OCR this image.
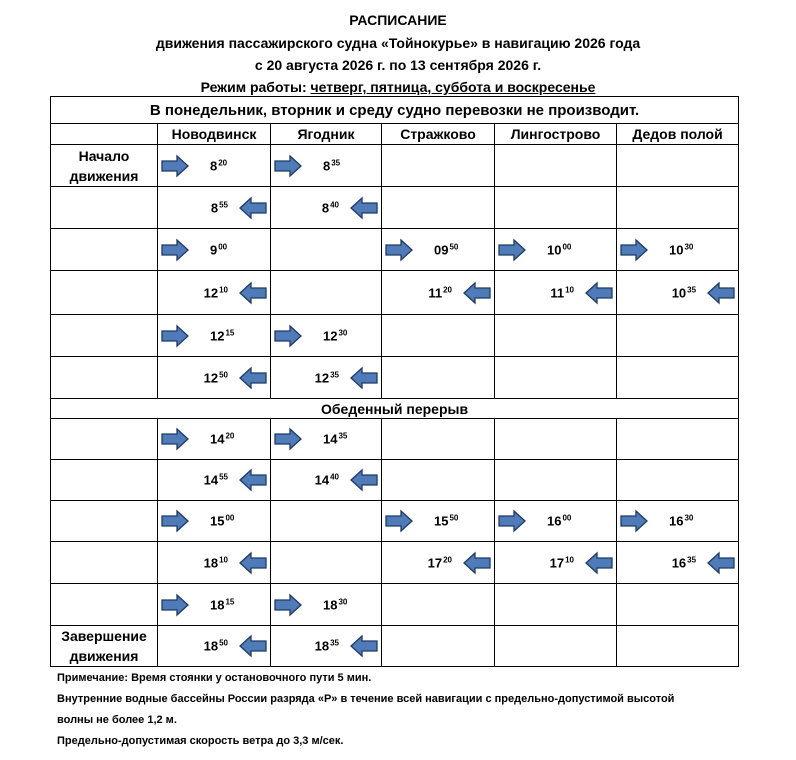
РАСПИСАНИЕ
движения пассажирского судна «Тойнокурье» в навигацию 2026 года
с 20 августа 2026 г. по 13 сентября 2026 г.
Режим работы: четверг, пятница, суббота и воскресенье
В понедельник, вторник и среду судно перевозки не производит.					
	Новодвинск	Ягодник	Стражково	Лингострово	Дедов полой

Начало
движения	$8^{20}$	$8^{35}$

	$8^{55}$	$8^{40}$

	$9^{00}$		$09^{50}$	$10^{00}$	$10^{30}$

	$12^{10}$		$11^{20}$	$11^{10}$	$10^{35}$

	$12^{15}$	$12^{30}$

	$12^{50}$	$12^{35}$

Обеденный перерыв					

	$14^{20}$	$14^{35}$

	$14^{55}$	$14^{40}$

	$15^{00}$		$15^{50}$	$16^{00}$	$16^{30}$

	$18^{10}$		$17^{20}$	$17^{10}$	$16^{35}$

	$18^{15}$	$18^{30}$

Завершение
движения	$18^{50}$	$18^{35}$

Примечание: Время стоянки у остановочного пути 5 мин.
Внутренние водные бассейны России разряда «Р» в течение всей навигации с предельно-допустимой высотой
волны не более 1,2 м.
Предельно-допустимая скорость ветра до 3,3 м/сек.
